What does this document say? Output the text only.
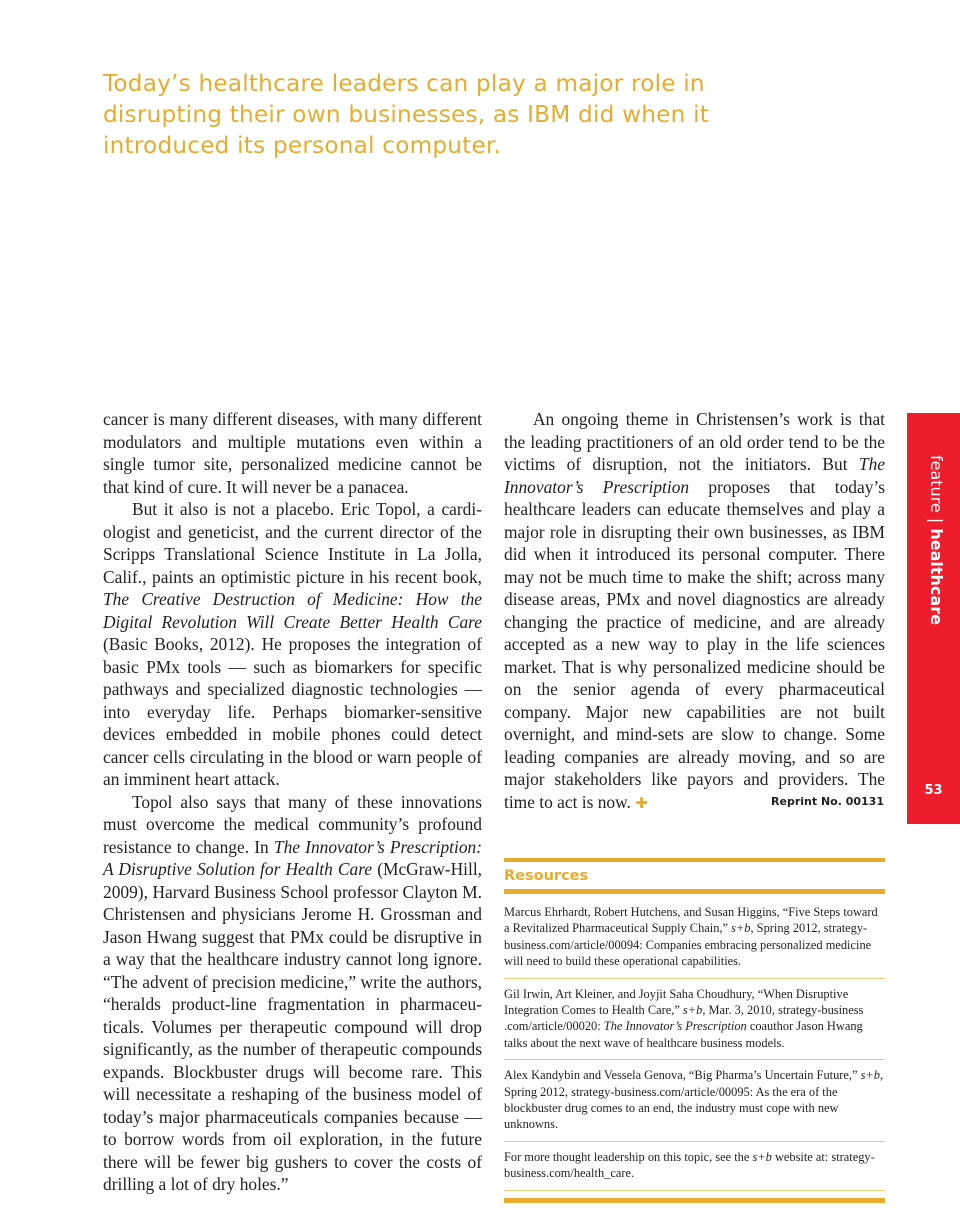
Today’s healthcare leaders can play a major role in
disrupting their own businesses, as IBM did when it
introduced its personal computer.

cancer is many different diseases, with many different modulators and multiple mutations even within a single tumor site, personalized medicine cannot be that kind of cure. It will never be a panacea.

But it also is not a placebo. Eric Topol, a cardiologist and geneticist, and the current director of the Scripps Translational Science Institute in La Jolla, Calif., paints an optimistic picture in his recent book, The Creative Destruction of Medicine: How the Digital Revolution Will Create Better Health Care (Basic Books, 2012). He proposes the integration of basic PMx tools — such as biomarkers for specific pathways and specialized diagnostic technologies — into everyday life. Perhaps biomarker-sensitive devices embedded in mobile phones could detect cancer cells circulating in the blood or warn people of an imminent heart attack.

Topol also says that many of these innovations must overcome the medical community’s profound resistance to change. In The Innovator’s Prescription: A Disruptive Solution for Health Care (McGraw-Hill, 2009), Harvard Business School professor Clayton M. Christensen and physicians Jerome H. Grossman and Jason Hwang suggest that PMx could be disruptive in a way that the healthcare industry cannot long ignore. “The advent of precision medicine,” write the authors, “heralds product-line fragmentation in pharmaceuticals. Volumes per therapeutic compound will drop significantly, as the number of therapeutic compounds expands. Blockbuster drugs will become rare. This will necessitate a reshaping of the business model of today’s major pharmaceuticals companies because — to borrow words from oil exploration, in the future there will be fewer big gushers to cover the costs of drilling a lot of dry holes.”

An ongoing theme in Christensen’s work is that the leading practitioners of an old order tend to be the victims of disruption, not the initiators. But The Innovator’s Prescription proposes that today’s healthcare leaders can educate themselves and play a major role in disrupting their own businesses, as IBM did when it introduced its personal computer. There may not be much time to make the shift; across many disease areas, PMx and novel diagnostics are already changing the practice of medicine, and are already accepted as a new way to play in the life sciences market. That is why personalized medicine should be on the senior agenda of every pharmaceutical company. Major new capabilities are not built overnight, and mind-sets are slow to change. Some leading companies are already moving, and so are major stakeholders like payors and providers. The time to act is now. ✚	Reprint No. 00131
feature | healthcare
53
Resources
Marcus Ehrhardt, Robert Hutchens, and Susan Higgins, “Five Steps toward a Revitalized Pharmaceutical Supply Chain,” s+b, Spring 2012, strategy-business.com/article/00094: Companies embracing personalized medicine will need to build these operational capabilities.
Gil Irwin, Art Kleiner, and Joyjit Saha Choudhury, “When Disruptive Integration Comes to Health Care,” s+b, Mar. 3, 2010, strategy-business .com/article/00020: The Innovator’s Prescription coauthor Jason Hwang talks about the next wave of healthcare business models.
Alex Kandybin and Vessela Genova, “Big Pharma’s Uncertain Future,” s+b, Spring 2012, strategy-business.com/article/00095: As the era of the blockbuster drug comes to an end, the industry must cope with new unknowns.
For more thought leadership on this topic, see the s+b website at: strategy-business.com/health_care.
